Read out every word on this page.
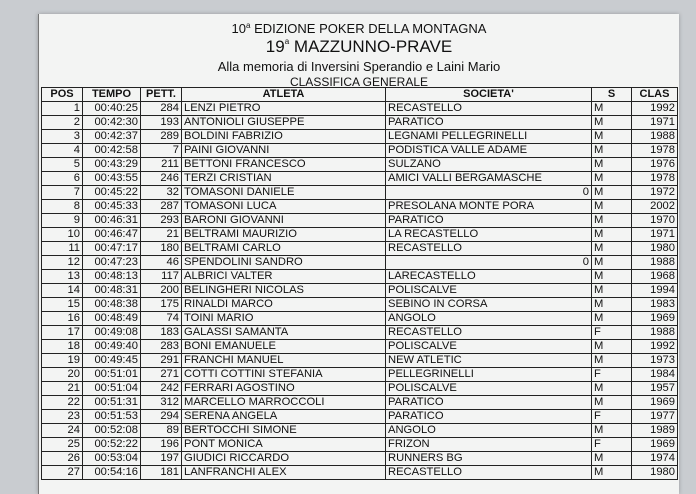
10$^a$ EDIZIONE POKER DELLA MONTAGNA
19$^a$ MAZZUNNO-PRAVE
Alla memoria di Inversini Sperandio e Laini Mario
CLASSIFICA GENERALE
POS	TEMPO	PETT.	ATLETA	SOCIETA'	S	CLAS
1	00:40:25	284	LENZI PIETRO	RECASTELLO	M	1992
2	00:42:30	193	ANTONIOLI GIUSEPPE	PARATICO	M	1971
3	00:42:37	289	BOLDINI FABRIZIO	LEGNAMI PELLEGRINELLI	M	1988
4	00:42:58	7	PAINI GIOVANNI	PODISTICA VALLE ADAME	M	1978
5	00:43:29	211	BETTONI FRANCESCO	SULZANO	M	1976
6	00:43:55	246	TERZI CRISTIAN	AMICI VALLI BERGAMASCHE	M	1978
7	00:45:22	32	TOMASONI DANIELE	0	M	1972
8	00:45:33	287	TOMASONI LUCA	PRESOLANA MONTE PORA	M	2002
9	00:46:31	293	BARONI GIOVANNI	PARATICO	M	1970
10	00:46:47	21	BELTRAMI MAURIZIO	LA RECASTELLO	M	1971
11	00:47:17	180	BELTRAMI CARLO	RECASTELLO	M	1980
12	00:47:23	46	SPENDOLINI SANDRO	0	M	1988
13	00:48:13	117	ALBRICI VALTER	LARECASTELLO	M	1968
14	00:48:31	200	BELINGHERI NICOLAS	POLISCALVE	M	1994
15	00:48:38	175	RINALDI MARCO	SEBINO IN CORSA	M	1983
16	00:48:49	74	TOINI MARIO	ANGOLO	M	1969
17	00:49:08	183	GALASSI SAMANTA	RECASTELLO	F	1988
18	00:49:40	283	BONI EMANUELE	POLISCALVE	M	1992
19	00:49:45	291	FRANCHI MANUEL	NEW ATLETIC	M	1973
20	00:51:01	271	COTTI COTTINI STEFANIA	PELLEGRINELLI	F	1984
21	00:51:04	242	FERRARI AGOSTINO	POLISCALVE	M	1957
22	00:51:31	312	MARCELLO MARROCCOLI	PARATICO	M	1969
23	00:51:53	294	SERENA ANGELA	PARATICO	F	1977
24	00:52:08	89	BERTOCCHI SIMONE	ANGOLO	M	1989
25	00:52:22	196	PONT MONICA	FRIZON	F	1969
26	00:53:04	197	GIUDICI RICCARDO	RUNNERS BG	M	1974
27	00:54:16	181	LANFRANCHI ALEX	RECASTELLO	M	1980
